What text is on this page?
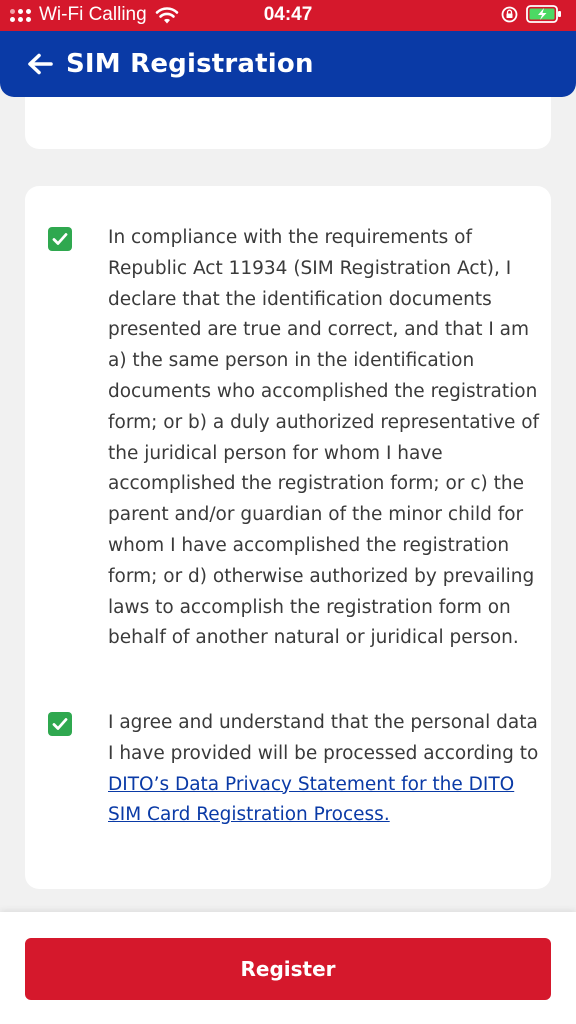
Wi-Fi Calling	04:47
SIM Registration
In compliance with the requirements of Republic Act 11934 (SIM Registration Act), I declare that the identification documents presented are true and correct, and that I am a) the same person in the identification documents who accomplished the registration form; or b) a duly authorized representative of the juridical person for whom I have accomplished the registration form; or c) the parent and/or guardian of the minor child for whom I have accomplished the registration form; or d) otherwise authorized by prevailing laws to accomplish the registration form on behalf of another natural or juridical person.
I agree and understand that the personal data I have provided will be processed according to DITO’s Data Privacy Statement for the DITO SIM Card Registration Process.
Register
